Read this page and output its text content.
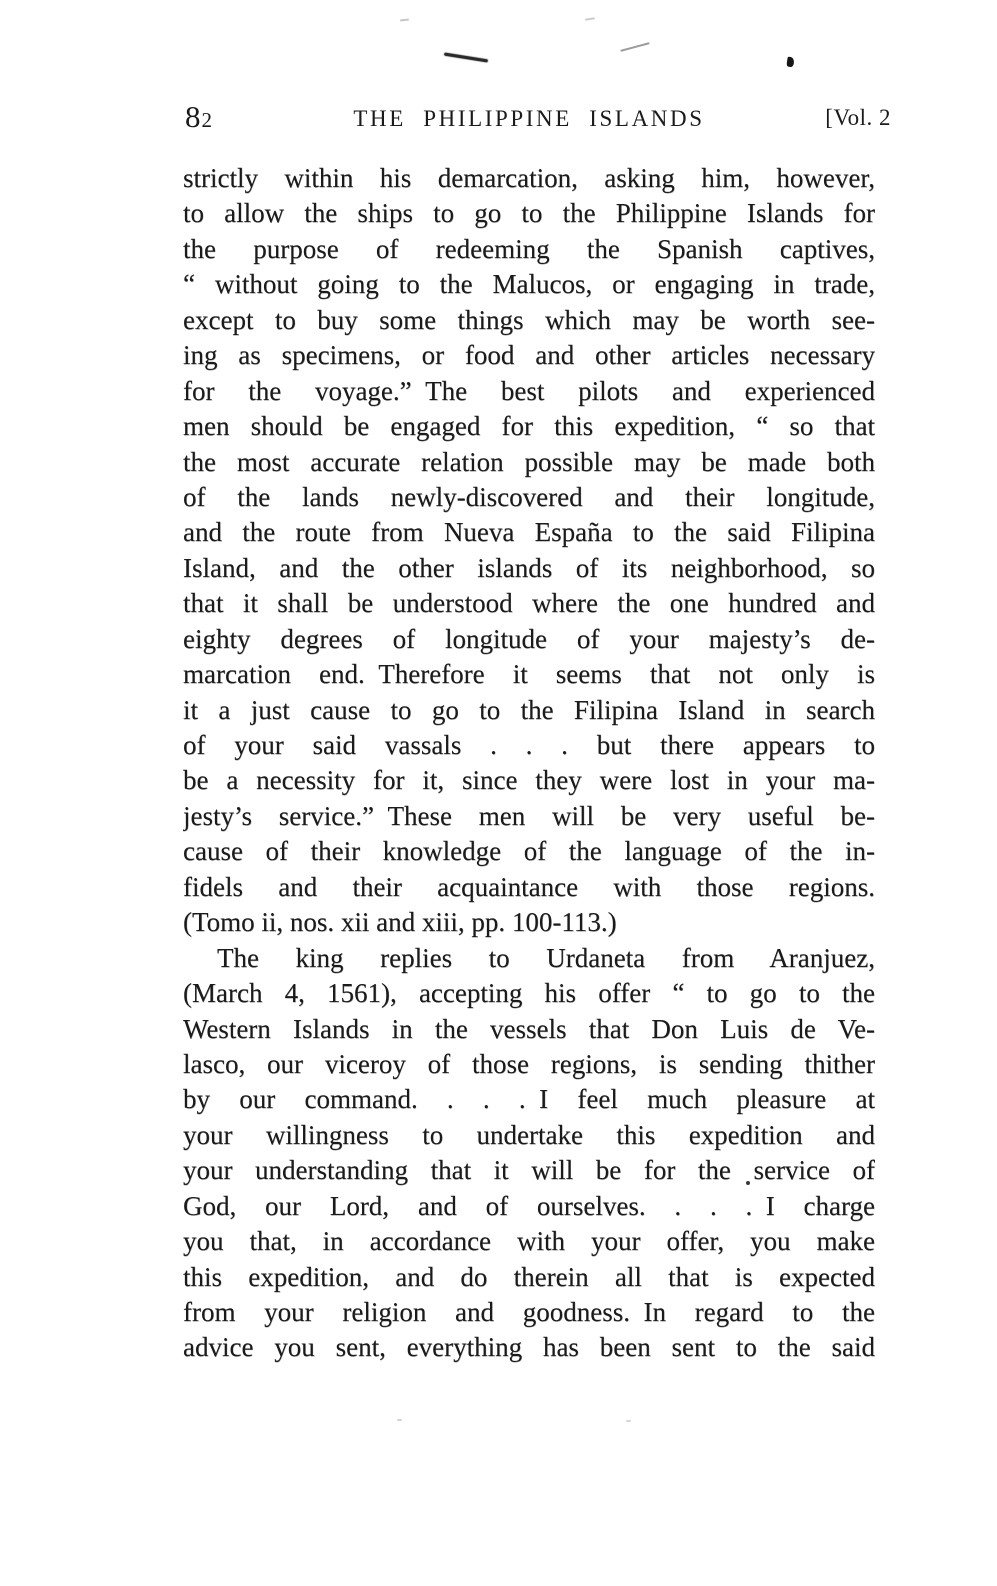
82	THE PHILIPPINE ISLANDS	[Vol. 2
strictly within his demarcation, asking him, however,
to allow the ships to go to the Philippine Islands for
the purpose of redeeming the Spanish captives,
“ without going to the Malucos, or engaging in trade,
except to buy some things which may be worth see-
ing as specimens, or food and other articles necessary
for the voyage.” The best pilots and experienced
men should be engaged for this expedition, “ so that
the most accurate relation possible may be made both
of the lands newly-discovered and their longitude,
and the route from Nueva España to the said Filipina
Island, and the other islands of its neighborhood, so
that it shall be understood where the one hundred and
eighty degrees of longitude of your majesty’s de-
marcation end. Therefore it seems that not only is
it a just cause to go to the Filipina Island in search
of your said vassals . . . but there appears to
be a necessity for it, since they were lost in your ma-
jesty’s service.” These men will be very useful be-
cause of their knowledge of the language of the in-
fidels and their acquaintance with those regions.
(Tomo ii, nos. xii and xiii, pp. 100-113.)
The king replies to Urdaneta from Aranjuez,
(March 4, 1561), accepting his offer “ to go to the
Western Islands in the vessels that Don Luis de Ve-
lasco, our viceroy of those regions, is sending thither
by our command. . . . I feel much pleasure at
your willingness to undertake this expedition and
your understanding that it will be for the service of
God, our Lord, and of ourselves. . . . I charge
you that, in accordance with your offer, you make
this expedition, and do therein all that is expected
from your religion and goodness. In regard to the
advice you sent, everything has been sent to the said
